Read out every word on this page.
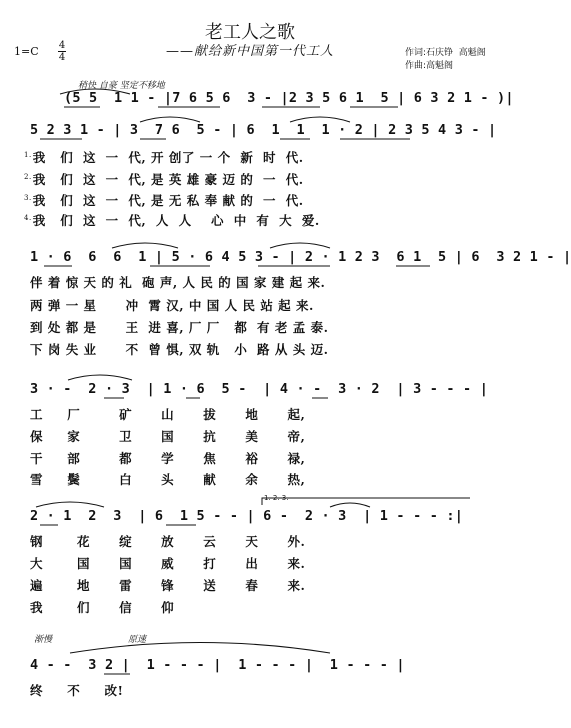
老工人之歌
——献给新中国第一代工人
1=C 4
4	作词:石庆铮  高魁阁
作曲:高魁阁
稍快 自豪 坚定不移地
(5 5  1 1 - |7 6 5 6  3 - |2 3 5 6 1  5 | 6 3 2 1 - )|
5 2 3 1 - | 3  7 6  5 - | 6  1  1  1 · 2 | 2 3 5 4 3 - |
$^{1.}$我   们  这  一  代, 开 创了 一 个  新  时  代.
$^{2.}$我   们  这  一  代, 是 英 雄 豪 迈 的  一  代.
$^{3.}$我   们  这  一  代, 是 无 私 奉 献 的  一  代.
$^{4.}$我   们  这  一  代,  人  人    心  中  有  大  爱.
1 · 6  6  6  1 | 5 · 6 4 5 3 - | 2 · 1 2 3  6 1  5 | 6  3 2 1 - |
伴 着 惊 天 的 礼  砲 声, 人 民 的 国 家 建 起 来.
两 弹 一 星      冲  霄 汉, 中 国 人 民 站 起 来.
到 处 都 是      王  进 喜, 厂 厂   都  有 老 孟 泰.
下 岗 失 业      不  曾 惧, 双 轨   小  路 从 头 迈.
3 · -  2 · 3  | 1 · 6  5 -  | 4 · -  3 · 2  | 3 - - - |
工     厂        矿      山      拔      地      起,
保     家        卫      国      抗      美      帝,
干     部        都      学      焦      裕      禄,
雪     鬓        白      头      献      余      热,
1. 2. 3.
2 · 1  2  3  | 6  1 5 - - | 6 -  2 · 3  | 1 - - - :|
钢       花      绽      放      云      天      外.
大       国      国      威      打      出      来.
遍       地      雷      锋      送      春      来.
我       们      信      仰
渐慢	原速
4 - -  3 2 |  1 - - - |  1 - - - |  1 - - - |
终     不     改!
